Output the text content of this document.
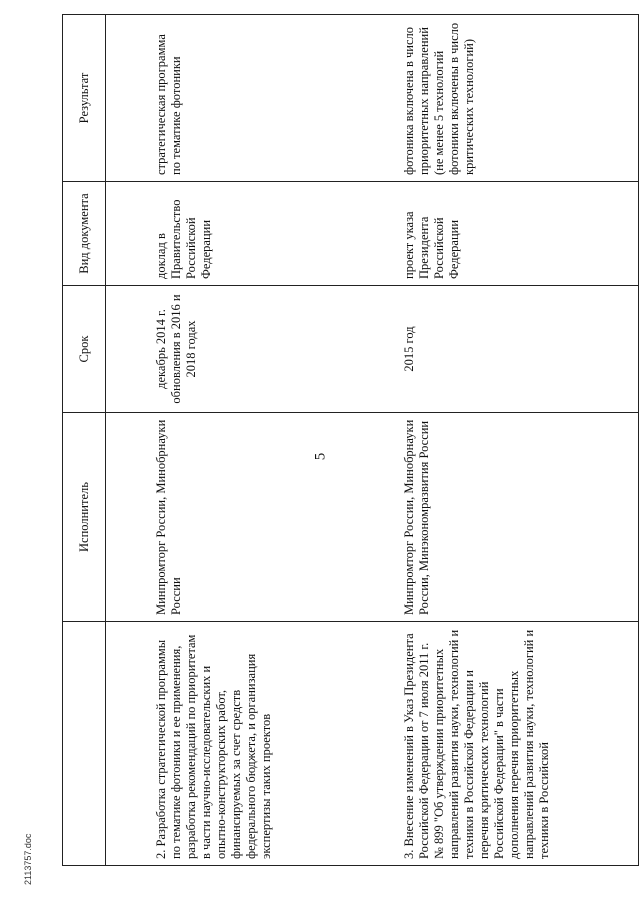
5
2113757.doc
	Исполнитель	Срок	Вид документа	Результат
2. Разработка стратегической программы по тематике фотоники и ее применения, разработка рекомендаций по приоритетам в части научно-исследовательских и опытно-конструкторских работ, финансируемых за счет средств федерального бюджета, и организация экспертизы таких проектов	Минпромторг России, Минобрнауки России	декабрь 2014 г. обновления в 2016 и 2018 годах	доклад в Правительство Российской Федерации	стратегическая программа по тематике фотоники
3. Внесение изменений в Указ Президента Российской Федерации от 7 июля 2011 г. № 899 "Об утверждении приоритетных направлений развития науки, технологий и техники в Российской Федерации и перечня критических технологий Российской Федерации" в части дополнения перечня приоритетных направлений развития науки, технологий и техники в Российской	Минпромторг России, Минобрнауки России, Минэкономразвития России	2015 год	проект указа Президента Российской Федерации	фотоника включена в число приоритетных направлений (не менее 5 технологий фотоники включены в число критических технологий)
